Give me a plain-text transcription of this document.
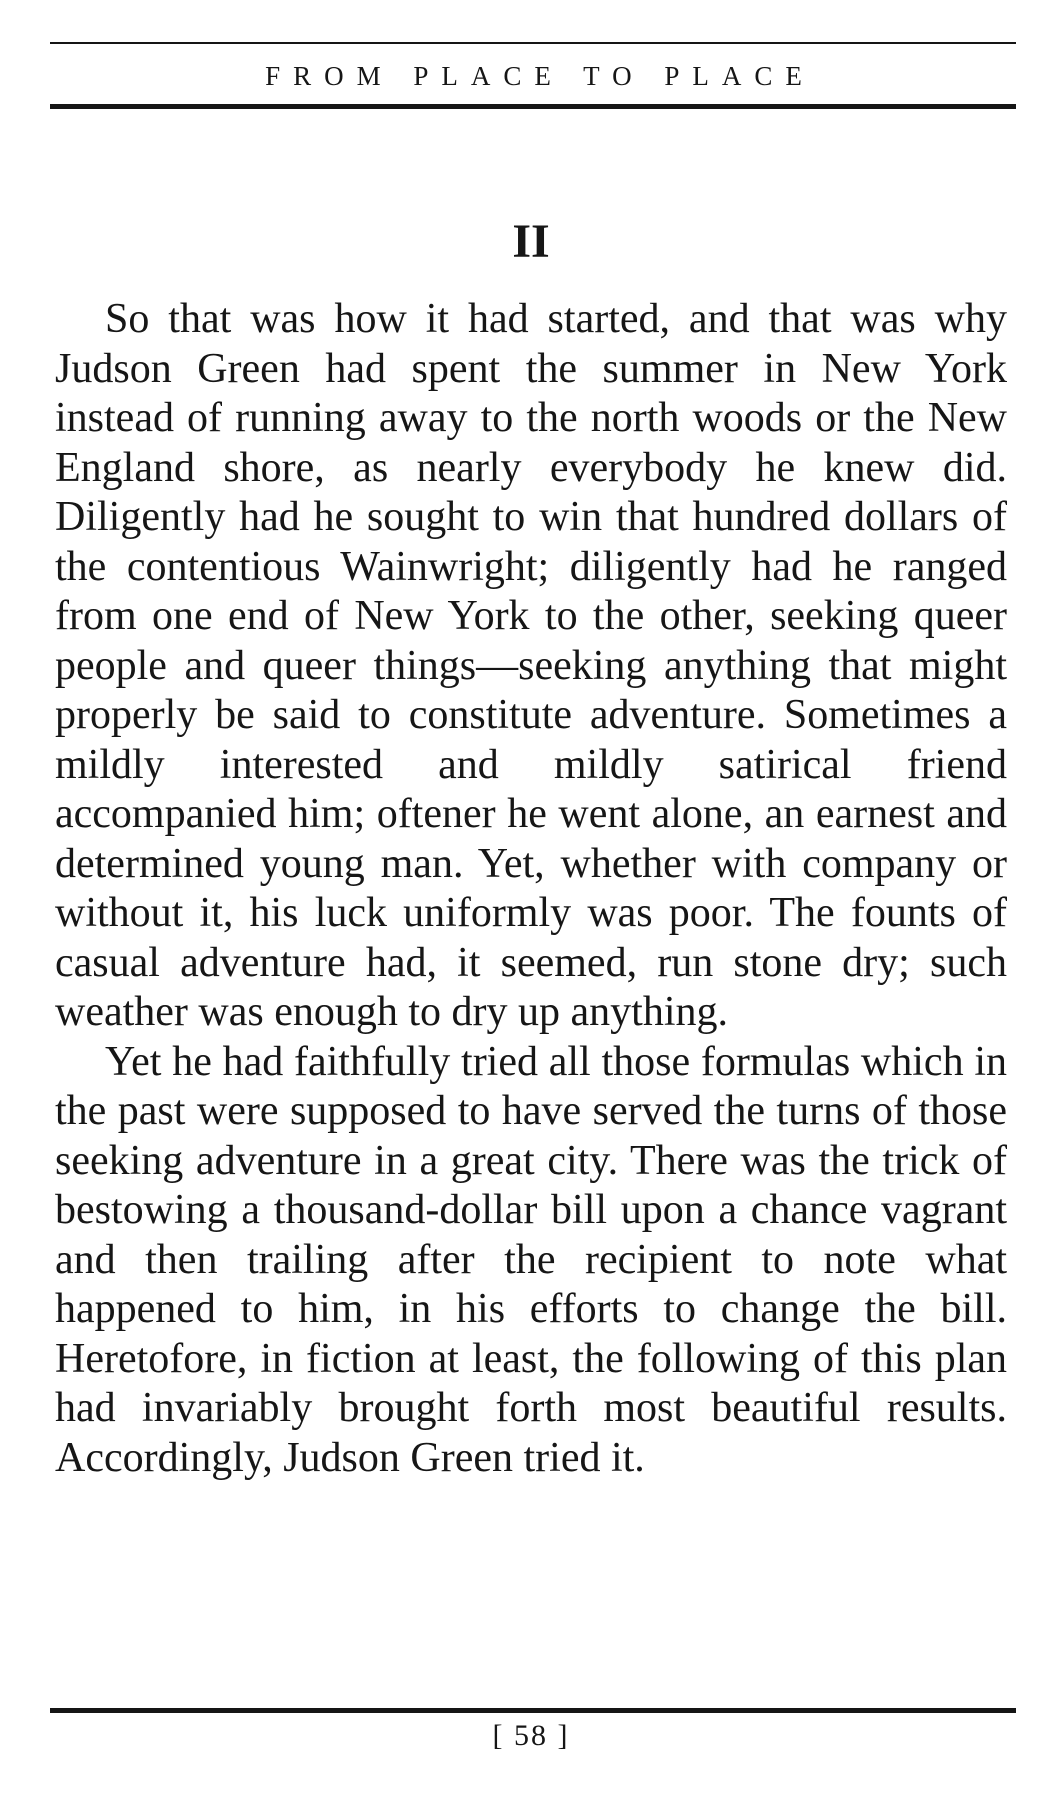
FROM PLACE TO PLACE
II

So that was how it had started, and that was why Judson Green had spent the summer in New York instead of running away to the north woods or the New England shore, as nearly everybody he knew did. Diligently had he sought to win that hundred dollars of the contentious Wainwright; diligently had he ranged from one end of New York to the other, seeking queer people and queer things—seeking anything that might properly be said to constitute adventure. Sometimes a mildly interested and mildly satirical friend accompanied him; oftener he went alone, an earnest and determined young man. Yet, whether with company or without it, his luck uniformly was poor. The founts of casual adventure had, it seemed, run stone dry; such weather was enough to dry up anything.

Yet he had faithfully tried all those formulas which in the past were supposed to have served the turns of those seeking adventure in a great city. There was the trick of bestowing a thousand-dollar bill upon a chance vagrant and then trailing after the recipient to note what happened to him, in his efforts to change the bill. Heretofore, in fiction at least, the following of this plan had invariably brought forth most beautiful results. Accordingly, Judson Green tried it.

[ 58 ]
